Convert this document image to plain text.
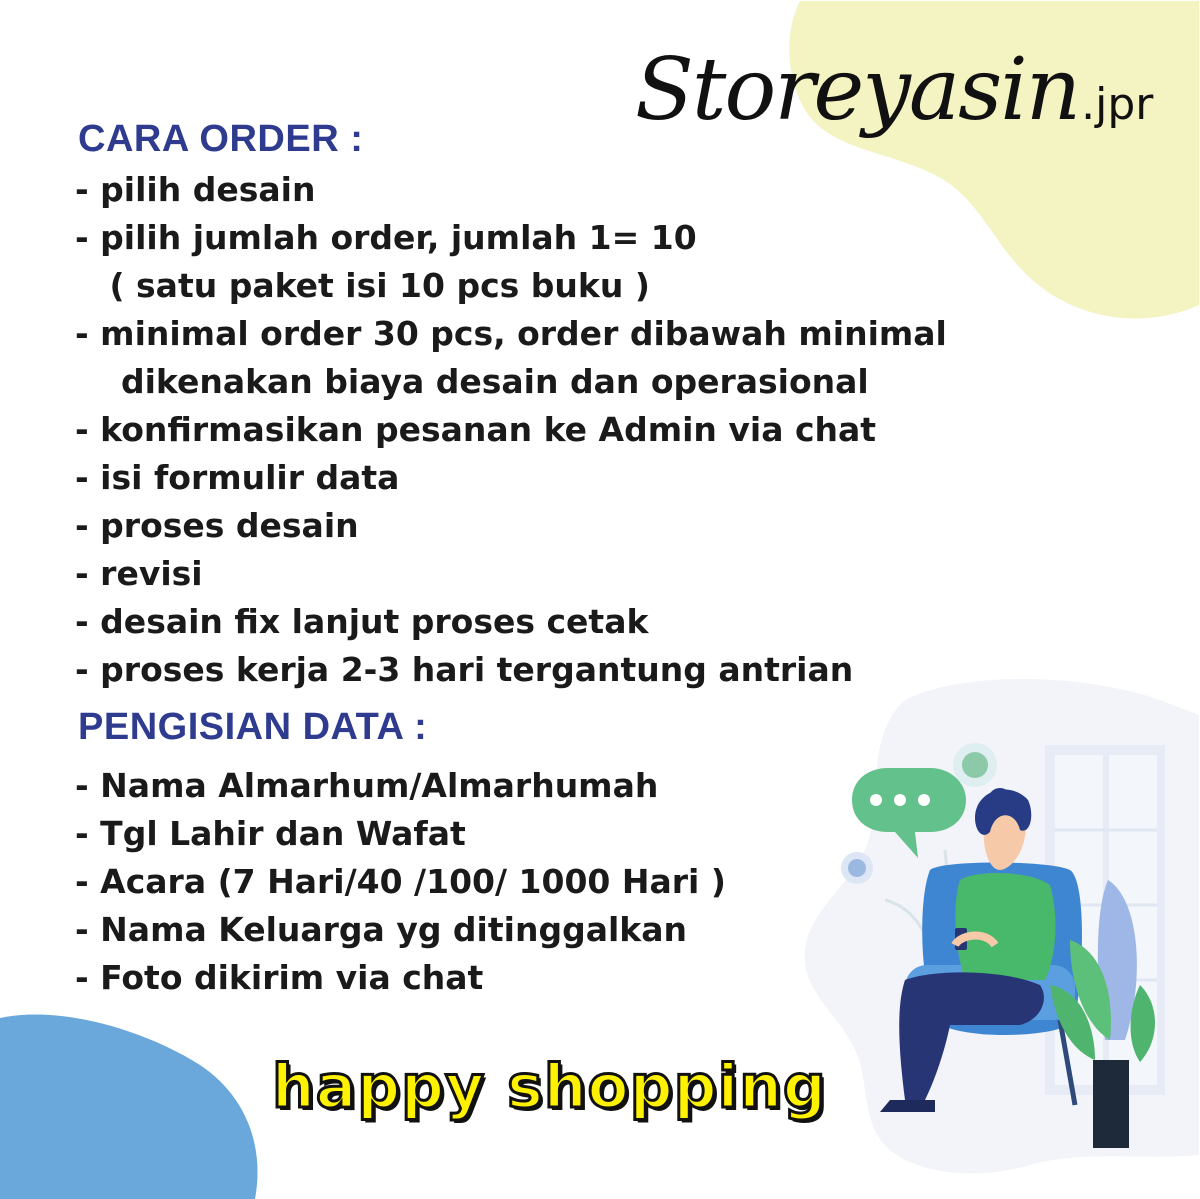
Storeyasin .jpr
CARA ORDER :
- pilih desain
- pilih jumlah order, jumlah 1= 10
( satu paket isi 10 pcs buku )
- minimal order 30 pcs, order dibawah minimal
dikenakan biaya desain dan operasional
- konfirmasikan pesanan ke Admin via chat
- isi formulir data
- proses desain
- revisi
- desain fix lanjut proses cetak
- proses kerja 2-3 hari tergantung antrian
PENGISIAN DATA :
- Nama Almarhum/Almarhumah
- Tgl Lahir dan Wafat
- Acara (7 Hari/40 /100/ 1000 Hari )
- Nama Keluarga yg ditinggalkan
- Foto dikirim via chat
happy shopping
